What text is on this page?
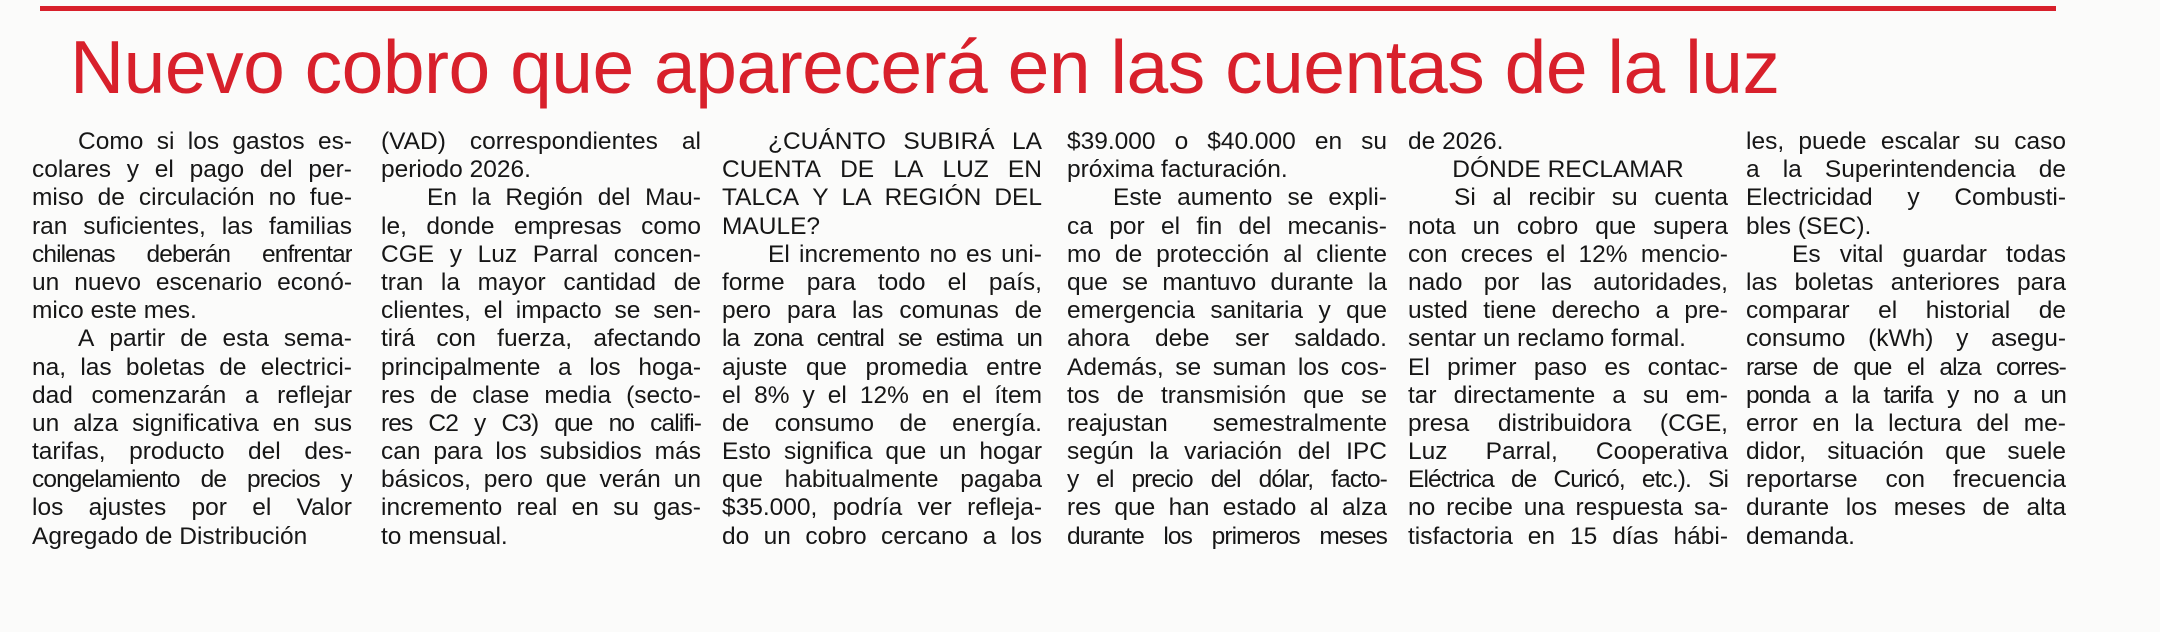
Nuevo cobro que aparecerá en las cuentas de la luz
Como si los gastos es-
colares y el pago del per-
miso de circulación no fue-
ran suficientes, las familias
chilenas deberán enfrentar
un nuevo escenario econó-
mico este mes.
A partir de esta sema-
na, las boletas de electrici-
dad comenzarán a reflejar
un alza significativa en sus
tarifas, producto del des-
congelamiento de precios y
los ajustes por el Valor
Agregado de Distribución
(VAD) correspondientes al
periodo 2026.
En la Región del Mau-
le, donde empresas como
CGE y Luz Parral concen-
tran la mayor cantidad de
clientes, el impacto se sen-
tirá con fuerza, afectando
principalmente a los hoga-
res de clase media (secto-
res C2 y C3) que no califi-
can para los subsidios más
básicos, pero que verán un
incremento real en su gas-
to mensual.
¿CUÁNTO SUBIRÁ LA
CUENTA DE LA LUZ EN
TALCA Y LA REGIÓN DEL
MAULE?
El incremento no es uni-
forme para todo el país,
pero para las comunas de
la zona central se estima un
ajuste que promedia entre
el 8% y el 12% en el ítem
de consumo de energía.
Esto significa que un hogar
que habitualmente pagaba
$35.000, podría ver refleja-
do un cobro cercano a los
$39.000 o $40.000 en su
próxima facturación.
Este aumento se expli-
ca por el fin del mecanis-
mo de protección al cliente
que se mantuvo durante la
emergencia sanitaria y que
ahora debe ser saldado.
Además, se suman los cos-
tos de transmisión que se
reajustan semestralmente
según la variación del IPC
y el precio del dólar, facto-
res que han estado al alza
durante los primeros meses
de 2026.
DÓNDE RECLAMAR
Si al recibir su cuenta
nota un cobro que supera
con creces el 12% mencio-
nado por las autoridades,
usted tiene derecho a pre-
sentar un reclamo formal.
El primer paso es contac-
tar directamente a su em-
presa distribuidora (CGE,
Luz Parral, Cooperativa
Eléctrica de Curicó, etc.). Si
no recibe una respuesta sa-
tisfactoria en 15 días hábi-
les, puede escalar su caso
a la Superintendencia de
Electricidad y Combusti-
bles (SEC).
Es vital guardar todas
las boletas anteriores para
comparar el historial de
consumo (kWh) y asegu-
rarse de que el alza corres-
ponda a la tarifa y no a un
error en la lectura del me-
didor, situación que suele
reportarse con frecuencia
durante los meses de alta
demanda.
